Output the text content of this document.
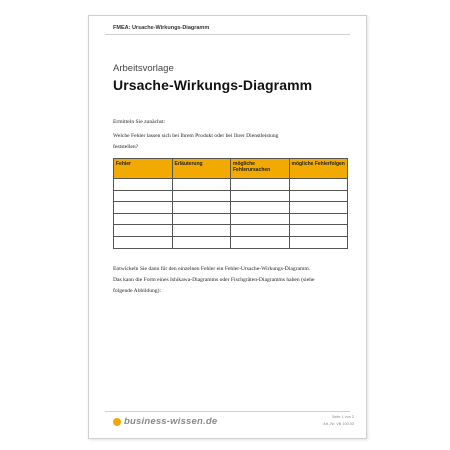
FMEA: Ursache-Wirkungs-Diagramm
Arbeitsvorlage
Ursache-Wirkungs-Diagramm
Ermitteln Sie zunächst:
Welche Fehler lassen sich bei Ihrem Produkt oder bei Ihrer Dienstleistung feststellen?
Fehler	Erläuterung	mögliche Fehlerursachen	mögliche Fehlerfolgen

Entwickeln Sie dann für den einzelnen Fehler ein Fehler-Ursache-Wirkungs-Diagramm. Das kann die Form eines Ishikawa-Diagramms oder Fischgräten-Diagramms haben (siehe folgende Abbildung):
business-wissen.de	Seite 1 von 2
Art.-Nr. VB 100.03
